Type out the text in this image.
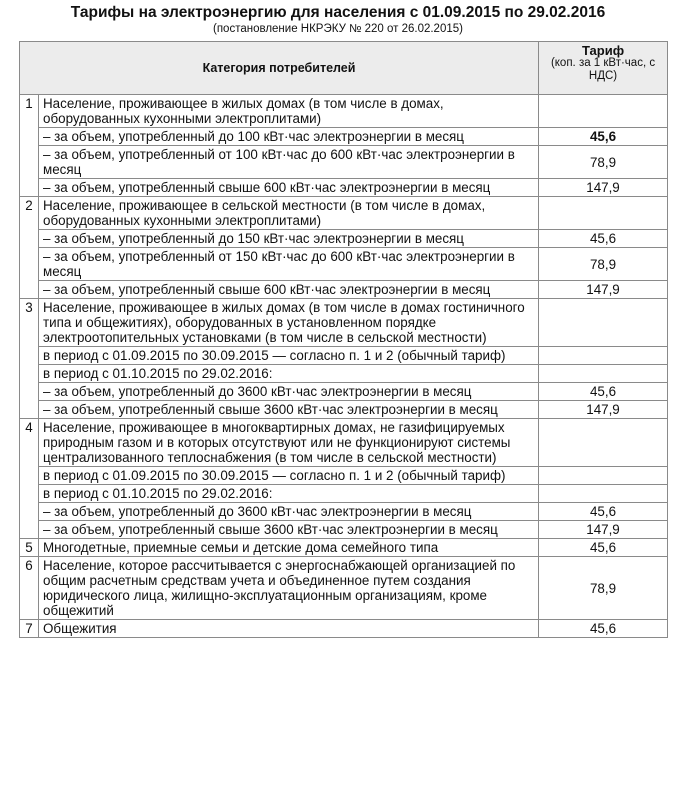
Тарифы на электроэнергию для населения с 01.09.2015 по 29.02.2016
(постановление НКРЭКУ № 220 от 26.02.2015)
Категория потребителей		Тариф
(коп. за 1 кВт·час, с НДС)
1	Население, проживающее в жилых домах (в том числе в домах, оборудованных кухонными электроплитами)	
	– за объем, употребленный до 100 кВт·час электроэнергии в месяц	45,6
	– за объем, употребленный от 100 кВт·час до 600 кВт·час электроэнергии в месяц	78,9
	– за объем, употребленный свыше 600 кВт·час электроэнергии в месяц	147,9
2	Население, проживающее в сельской местности (в том числе в домах, оборудованных кухонными электроплитами)	
	– за объем, употребленный до 150 кВт·час электроэнергии в месяц	45,6
	– за объем, употребленный от 150 кВт·час до 600 кВт·час электроэнергии в месяц	78,9
	– за объем, употребленный свыше 600 кВт·час электроэнергии в месяц	147,9
3	Население, проживающее в жилых домах (в том числе в домах гостиничного типа и общежитиях), оборудованных в установленном порядке электроотопительных установками (в том числе в сельской местности)	
	в период с 01.09.2015 по 30.09.2015 — согласно п. 1 и 2 (обычный тариф)	
	в период с 01.10.2015 по 29.02.2016:	
	– за объем, употребленный до 3600 кВт·час электроэнергии в месяц	45,6
	– за объем, употребленный свыше 3600 кВт·час электроэнергии в месяц	147,9
4	Население, проживающее в многоквартирных домах, не газифицируемых природным газом и в которых отсутствуют или не функционируют системы централизованного теплоснабжения (в том числе в сельской местности)	
	в период с 01.09.2015 по 30.09.2015 — согласно п. 1 и 2 (обычный тариф)	
	в период с 01.10.2015 по 29.02.2016:	
	– за объем, употребленный до 3600 кВт·час электроэнергии в месяц	45,6
	– за объем, употребленный свыше 3600 кВт·час электроэнергии в месяц	147,9
5	Многодетные, приемные семьи и детские дома семейного типа	45,6
6	Население, которое рассчитывается с энергоснабжающей организацией по общим расчетным средствам учета и объединенное путем создания юридического лица, жилищно-эксплуатационным организациям, кроме общежитий	78,9
7	Общежития	45,6
